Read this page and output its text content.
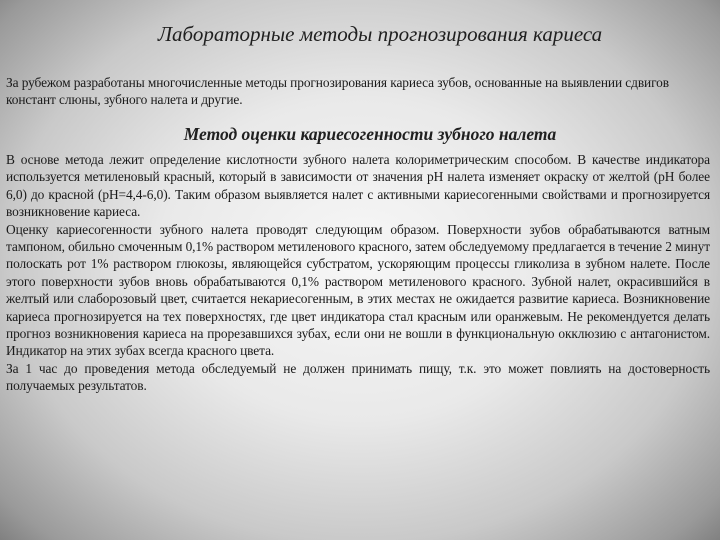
Лабораторные методы прогнозирования кариеса

За рубежом разработаны многочисленные методы прогнозирования кариеса зубов, основанные на выявлении сдвигов констант слюны, зубного налета и другие.

Метод оценки кариесогенности зубного налета

В основе метода лежит определение кислотности зубного налета колориметрическим способом. В качестве индикатора используется метиленовый красный, который в зависимости от значения рН налета изменяет окраску от желтой (рН более 6,0) до красной (рН=4,4-6,0). Таким образом выявляется налет с активными кариесогенными свойствами и прогнозируется возникновение кариеса.

Оценку кариесогенности зубного налета проводят следующим образом. Поверхности зубов обрабатываются ватным тампоном, обильно смоченным 0,1% раствором метиленового красного, затем обследуемому предлагается в течение 2 минут полоскать рот 1% раствором глюкозы, являющейся субстратом, ускоряющим процессы гликолиза в зубном налете. После этого поверхности зубов вновь обрабатываются 0,1% раствором метиленового красного. Зубной налет, окрасившийся в желтый или слаборозовый цвет, считается некариесогенным, в этих местах не ожидается развитие кариеса. Возникновение кариеса прогнозируется на тех поверхностях, где цвет индикатора стал красным или оранжевым. Не рекомендуется делать прогноз возникновения кариеса на прорезавшихся зубах, если они не вошли в функциональную окклюзию с антагонистом. Индикатор на этих зубах всегда красного цвета.

За 1 час до проведения метода обследуемый не должен принимать пищу, т.к. это может повлиять на достоверность получаемых результатов.
